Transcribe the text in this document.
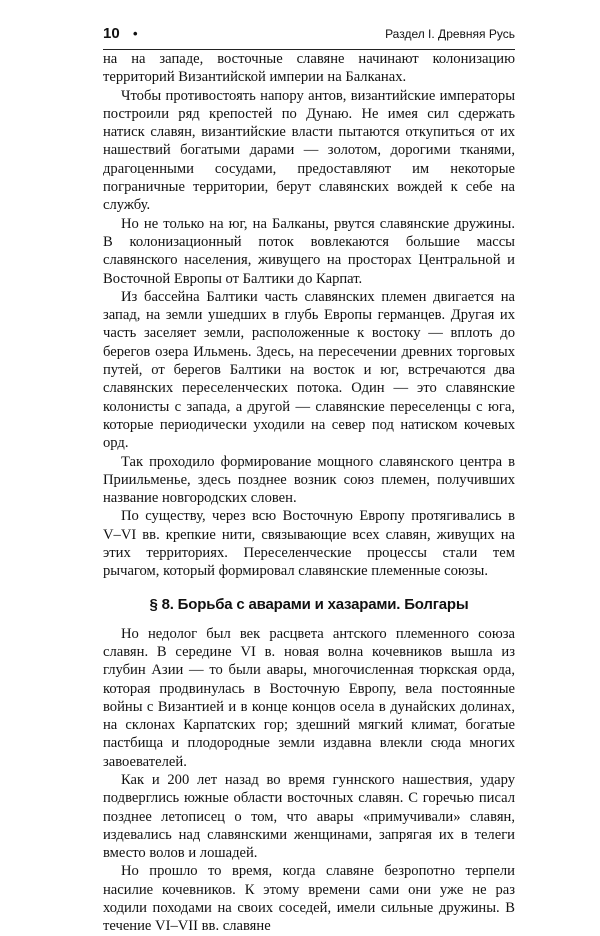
10 •	Раздел I. Древняя Русь

на на западе, восточные славяне начинают колонизацию территорий Византийской империи на Балканах.

Чтобы противостоять напору антов, византийские императоры построили ряд крепостей по Дунаю. Не имея сил сдержать натиск славян, византийские власти пытаются откупиться от их нашествий богатыми дарами — золотом, дорогими тканями, драгоценными сосудами, предоставляют им некоторые пограничные территории, берут славянских вождей к себе на службу.

Но не только на юг, на Балканы, рвутся славянские дружины. В колонизационный поток вовлекаются большие массы славянского населения, живущего на просторах Центральной и Восточной Европы от Балтики до Карпат.

Из бассейна Балтики часть славянских племен двигается на запад, на земли ушедших в глубь Европы германцев. Другая их часть заселяет земли, расположенные к востоку — вплоть до берегов озера Ильмень. Здесь, на пересечении древних торговых путей, от берегов Балтики на восток и юг, встречаются два славянских переселенческих потока. Один — это славянские колонисты с запада, а другой — славянские переселенцы с юга, которые периодически уходили на север под натиском кочевых орд.

Так проходило формирование мощного славянского центра в Приильменье, здесь позднее возник союз племен, получивших название новгородских словен.

По существу, через всю Восточную Европу протягивались в V–VI вв. крепкие нити, связывающие всех славян, живущих на этих территориях. Переселенческие процессы стали тем рычагом, который формировал славянские племенные союзы.

§ 8. Борьба с аварами и хазарами. Болгары

Но недолог был век расцвета антского племенного союза славян. В середине VI в. новая волна кочевников вышла из глубин Азии — то были авары, многочисленная тюркская орда, которая продвинулась в Восточную Европу, вела постоянные войны с Византией и в конце концов осела в дунайских долинах, на склонах Карпатских гор; здешний мягкий климат, богатые пастбища и плодородные земли издавна влекли сюда многих завоевателей.

Как и 200 лет назад во время гуннского нашествия, удару подверглись южные области восточных славян. С горечью писал позднее летописец о том, что авары «примучивали» славян, издевались над славянскими женщинами, запрягая их в телеги вместо волов и лошадей.

Но прошло то время, когда славяне безропотно терпели насилие кочевников. К этому времени сами они уже не раз ходили походами на своих соседей, имели сильные дружины. В течение VI–VII вв. славяне
